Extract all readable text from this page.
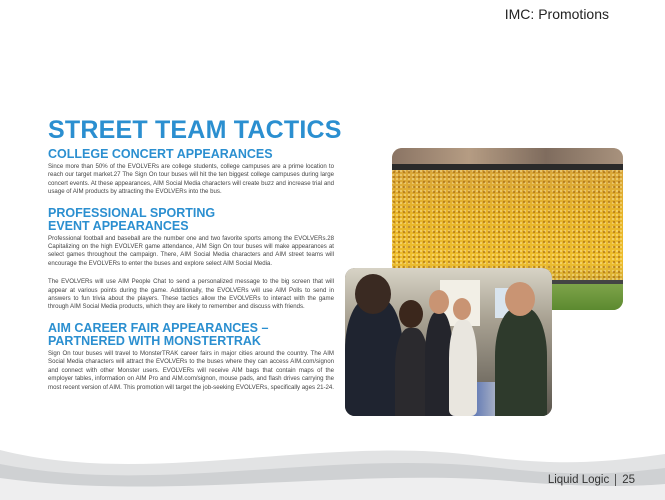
IMC: Promotions
STREET TEAM TACTICS
COLLEGE CONCERT APPEARANCES

Since more than 50% of the EVOLVERs are college students, college campuses are a prime location to reach our target market.27 The Sign On tour buses will hit the ten biggest college campuses during large concert events. At these appearances, AIM Social Media characters will create buzz and increase trial and usage of AIM products by attracting the EVOLVERs into the bus.

PROFESSIONAL SPORTING EVENT APPEARANCES

Professional football and baseball are the number one and two favorite sports among the EVOLVERs.28 Capitalizing on the high EVOLVER game attendance, AIM Sign On tour buses will make appearances at select games throughout the campaign. There, AIM Social Media characters and AIM street teams will encourage the EVOLVERs to enter the buses and explore select AIM Social Media.

The EVOLVERs will use AIM People Chat to send a personalized message to the big screen that will appear at various points during the game. Additionally, the EVOLVERs will use AIM Polls to send in answers to fun trivia about the players. These tactics allow the EVOLVERs to interact with the game through AIM Social Media products, which they are likely to remember and discuss with friends.

AIM CAREER FAIR APPEARANCES – PARTNERED WITH MONSTERTRAK

Sign On tour buses will travel to MonsterTRAK career fairs in major cities around the country. The AIM Social Media characters will attract the EVOLVERs to the buses where they can access AIM.com/signon and connect with other Monster users. EVOLVERs will receive AIM bags that contain maps of the employer tables, information on AIM Pro and AIM.com/signon, mouse pads, and flash drives carrying the most recent version of AIM. This promotion will target the job-seeking EVOLVERs, specifically ages 21-24.

Liquid Logic 25
